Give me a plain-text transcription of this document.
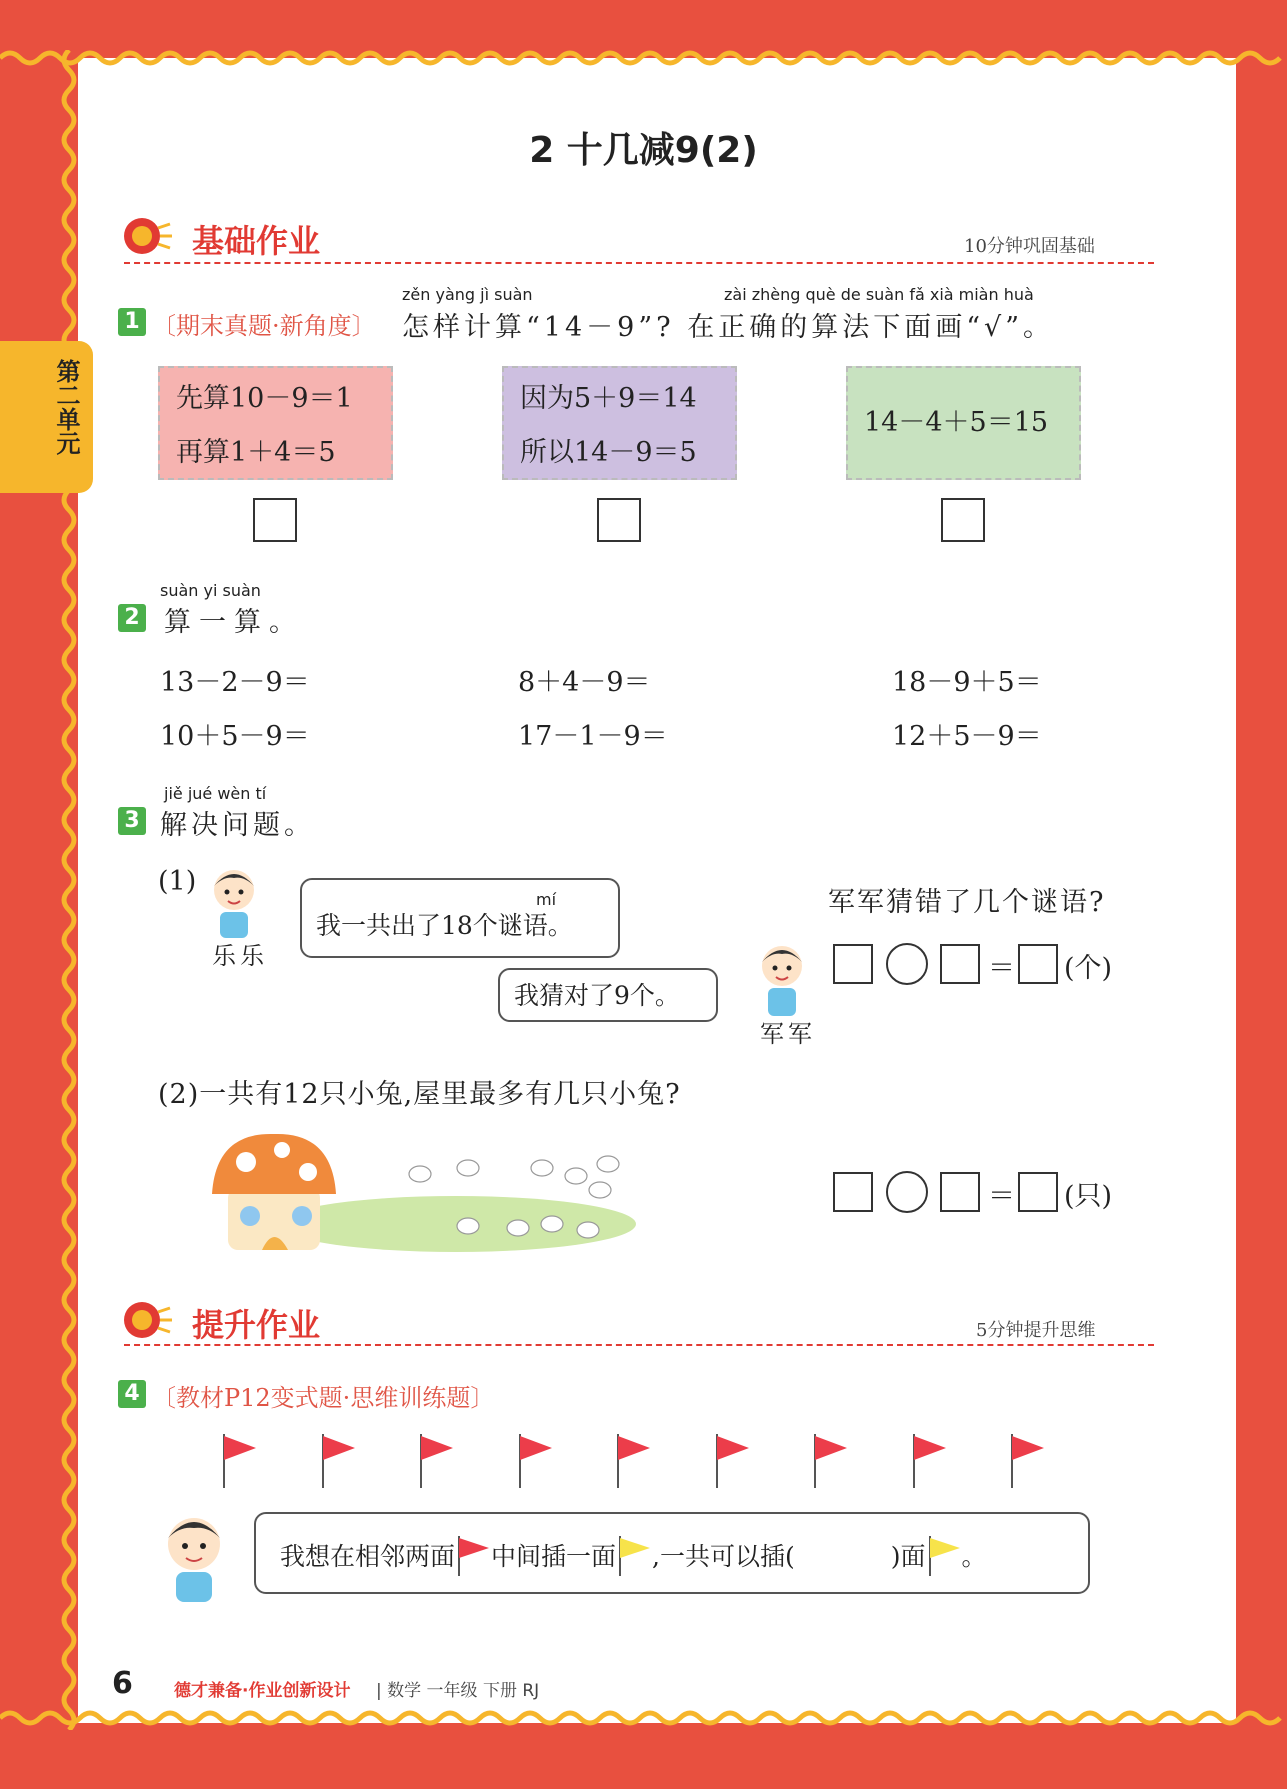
第二单元
2 十几减9(2)
基础作业	10分钟巩固基础
1 〔期末真题·新角度〕
zěn yàng jì suàn	zài zhèng què de suàn fǎ xià miàn huà
怎样计算“14－9”? 在正确的算法下面画“√”。
先算10－9＝1
再算1＋4＝5
因为5＋9＝14
所以14－9＝5
14－4＋5＝15
suàn yi suàn
2 算一算。
13－2－9＝	8＋4－9＝	18－9＋5＝
10＋5－9＝	17－1－9＝	12＋5－9＝
jiě jué wèn tí
3 解决问题。
(1)
乐乐
我一共出了18个谜语。
mí
我猜对了9个。
军军
军军猜错了几个谜语?
＝ (个)
(2)一共有12只小兔,屋里最多有几只小兔?
＝ (只)
提升作业	5分钟提升思维
4 〔教材P12变式题·思维训练题〕
我想在相邻两面 中间插一面 ,一共可以插(	)面 。
6 德才兼备·作业创新设计 | 数学 一年级 下册 RJ
